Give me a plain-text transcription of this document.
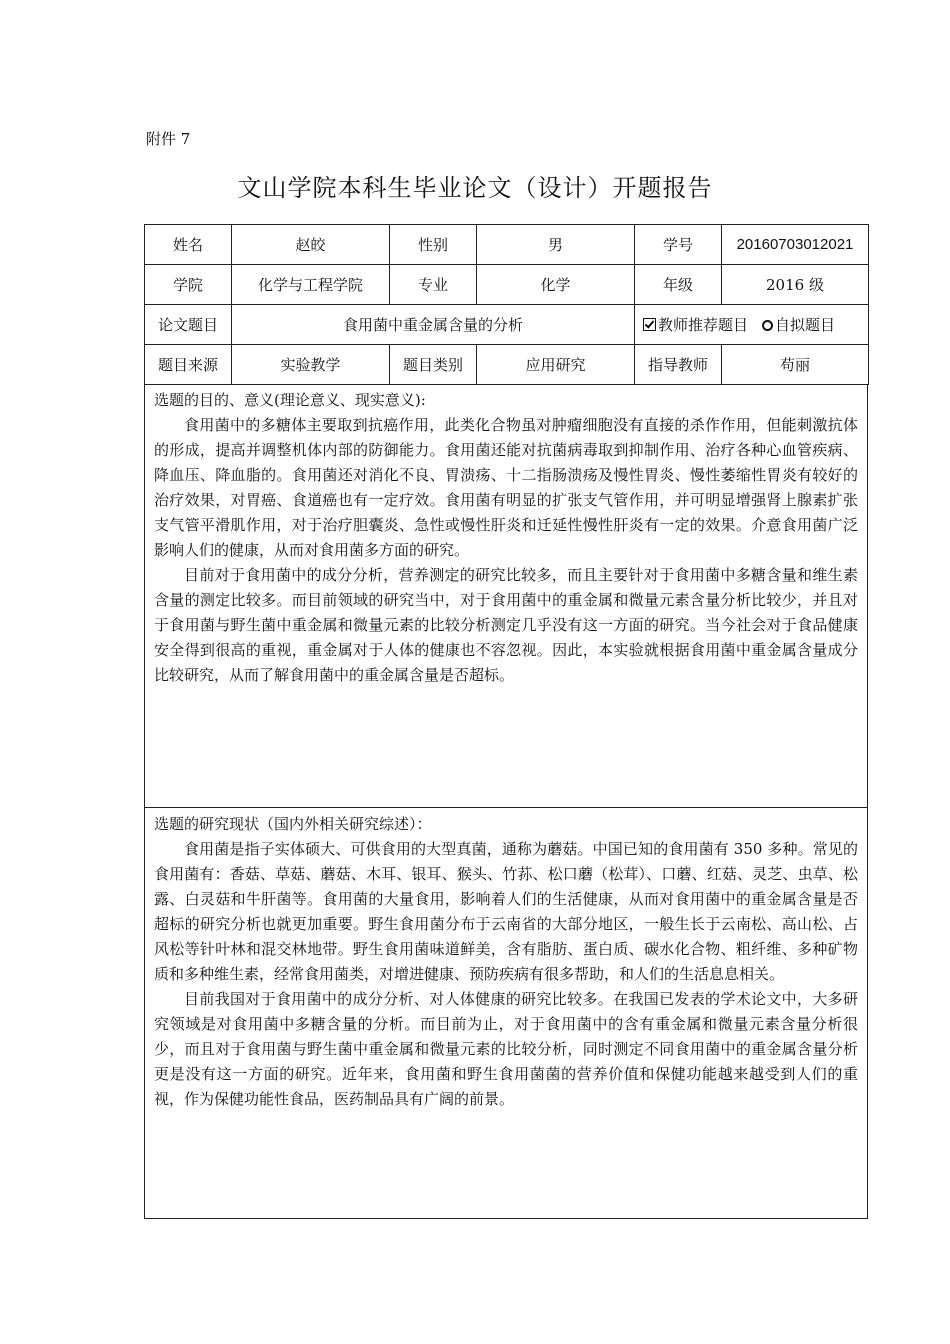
附件 7
文山学院本科生毕业论文（设计）开题报告
姓名	赵皎	性别	男	学号	20160703012021
学院	化学与工程学院	专业	化学	年级	2016 级
论文题目	食用菌中重金属含量的分析			教师推荐题目 自拟题目	
题目来源	实验教学	题目类别	应用研究	指导教师	苟丽

选题的目的、意义(理论意义、现实意义):

食用菌中的多糖体主要取到抗癌作用，此类化合物虽对肿瘤细胞没有直接的杀作作用，但能刺激抗体的形成，提高并调整机体内部的防御能力。食用菌还能对抗菌病毒取到抑制作用、治疗各种心血管疾病、降血压、降血脂的。食用菌还对消化不良、胃溃疡、十二指肠溃疡及慢性胃炎、慢性萎缩性胃炎有较好的治疗效果，对胃癌、食道癌也有一定疗效。食用菌有明显的扩张支气管作用，并可明显增强肾上腺素扩张支气管平滑肌作用，对于治疗胆囊炎、急性或慢性肝炎和迁延性慢性肝炎有一定的效果。介意食用菌广泛影响人们的健康，从而对食用菌多方面的研究。

目前对于食用菌中的成分分析，营养测定的研究比较多，而且主要针对于食用菌中多糖含量和维生素含量的测定比较多。而目前领域的研究当中，对于食用菌中的重金属和微量元素含量分析比较少，并且对于食用菌与野生菌中重金属和微量元素的比较分析测定几乎没有这一方面的研究。当今社会对于食品健康安全得到很高的重视，重金属对于人体的健康也不容忽视。因此，本实验就根据食用菌中重金属含量成分比较研究，从而了解食用菌中的重金属含量是否超标。

选题的研究现状（国内外相关研究综述）：

食用菌是指子实体硕大、可供食用的大型真菌，通称为蘑菇。中国已知的食用菌有 350 多种。常见的食用菌有：香菇、草菇、蘑菇、木耳、银耳、猴头、竹荪、松口蘑（松茸）、口蘑、红菇、灵芝、虫草、松露、白灵菇和牛肝菌等。食用菌的大量食用，影响着人们的生活健康，从而对食用菌中的重金属含量是否超标的研究分析也就更加重要。野生食用菌分布于云南省的大部分地区，一般生长于云南松、高山松、占风松等针叶林和混交林地带。野生食用菌味道鲜美，含有脂肪、蛋白质、碳水化合物、粗纤维、多种矿物质和多种维生素，经常食用菌类，对增进健康、预防疾病有很多帮助，和人们的生活息息相关。

目前我国对于食用菌中的成分分析、对人体健康的研究比较多。在我国已发表的学术论文中，大多研究领域是对食用菌中多糖含量的分析。而目前为止，对于食用菌中的含有重金属和微量元素含量分析很少，而且对于食用菌与野生菌中重金属和微量元素的比较分析，同时测定不同食用菌中的重金属含量分析更是没有这一方面的研究。近年来，食用菌和野生食用菌菌的营养价值和保健功能越来越受到人们的重视，作为保健功能性食品，医药制品具有广阔的前景。
